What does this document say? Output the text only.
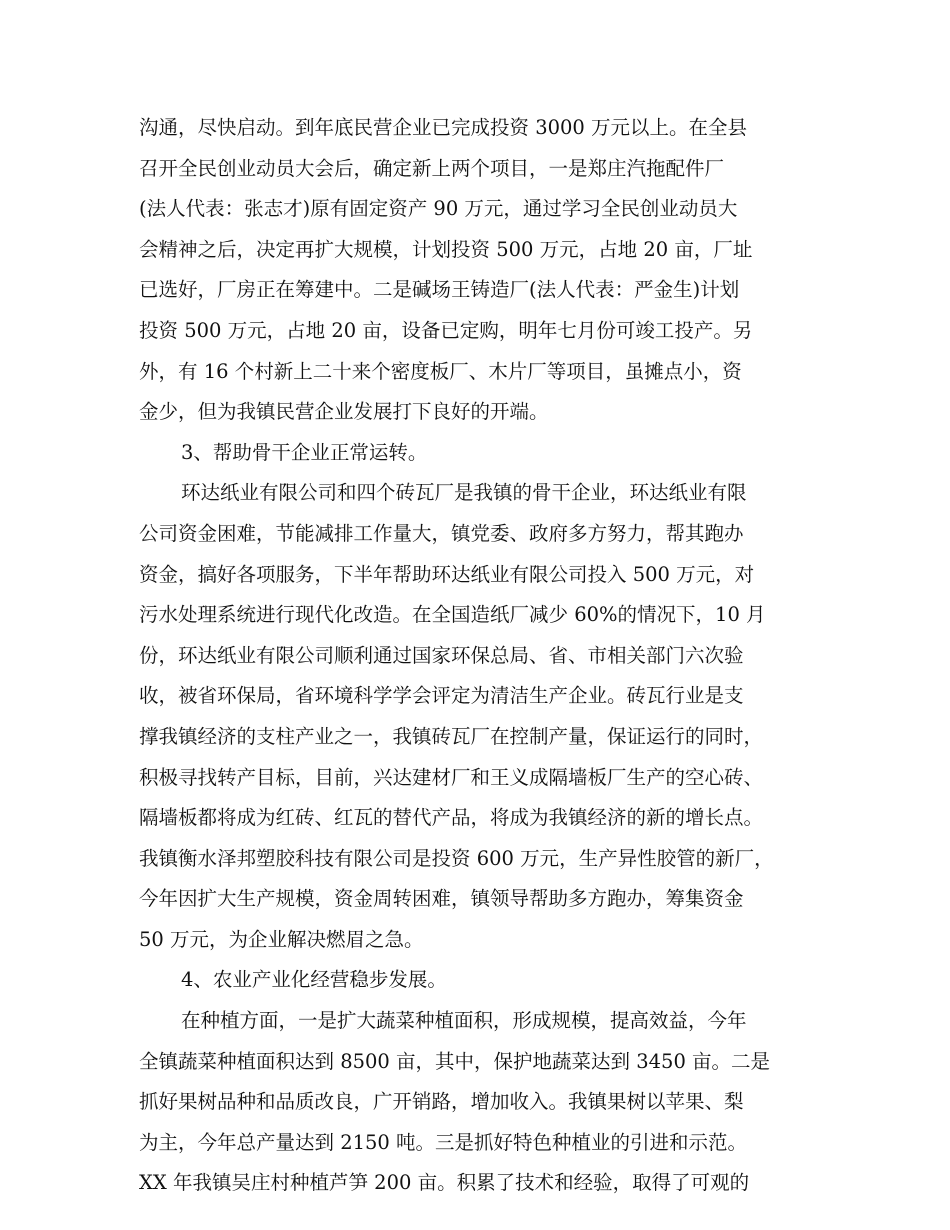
沟通，尽快启动。到年底民营企业已完成投资 3000 万元以上。在全县
召开全民创业动员大会后，确定新上两个项目，一是郑庄汽拖配件厂
(法人代表：张志才)原有固定资产 90 万元，通过学习全民创业动员大
会精神之后，决定再扩大规模，计划投资 500 万元，占地 20 亩，厂址
已选好，厂房正在筹建中。二是碱场王铸造厂(法人代表：严金生)计划
投资 500 万元，占地 20 亩，设备已定购，明年七月份可竣工投产。另
外，有 16 个村新上二十来个密度板厂、木片厂等项目，虽摊点小，资
金少，但为我镇民营企业发展打下良好的开端。
3、帮助骨干企业正常运转。
环达纸业有限公司和四个砖瓦厂是我镇的骨干企业，环达纸业有限
公司资金困难，节能减排工作量大，镇党委、政府多方努力，帮其跑办
资金，搞好各项服务，下半年帮助环达纸业有限公司投入 500 万元，对
污水处理系统进行现代化改造。在全国造纸厂减少 60%的情况下，10 月
份，环达纸业有限公司顺利通过国家环保总局、省、市相关部门六次验
收，被省环保局，省环境科学学会评定为清洁生产企业。砖瓦行业是支
撑我镇经济的支柱产业之一，我镇砖瓦厂在控制产量，保证运行的同时，
积极寻找转产目标，目前，兴达建材厂和王义成隔墙板厂生产的空心砖、
隔墙板都将成为红砖、红瓦的替代产品，将成为我镇经济的新的增长点。
我镇衡水泽邦塑胶科技有限公司是投资 600 万元，生产异性胶管的新厂，
今年因扩大生产规模，资金周转困难，镇领导帮助多方跑办，筹集资金
50 万元，为企业解决燃眉之急。
4、农业产业化经营稳步发展。
在种植方面，一是扩大蔬菜种植面积，形成规模，提高效益，今年
全镇蔬菜种植面积达到 8500 亩，其中，保护地蔬菜达到 3450 亩。二是
抓好果树品种和品质改良，广开销路，增加收入。我镇果树以苹果、梨
为主，今年总产量达到 2150 吨。三是抓好特色种植业的引进和示范。
XX 年我镇吴庄村种植芦笋 200 亩。积累了技术和经验，取得了可观的
